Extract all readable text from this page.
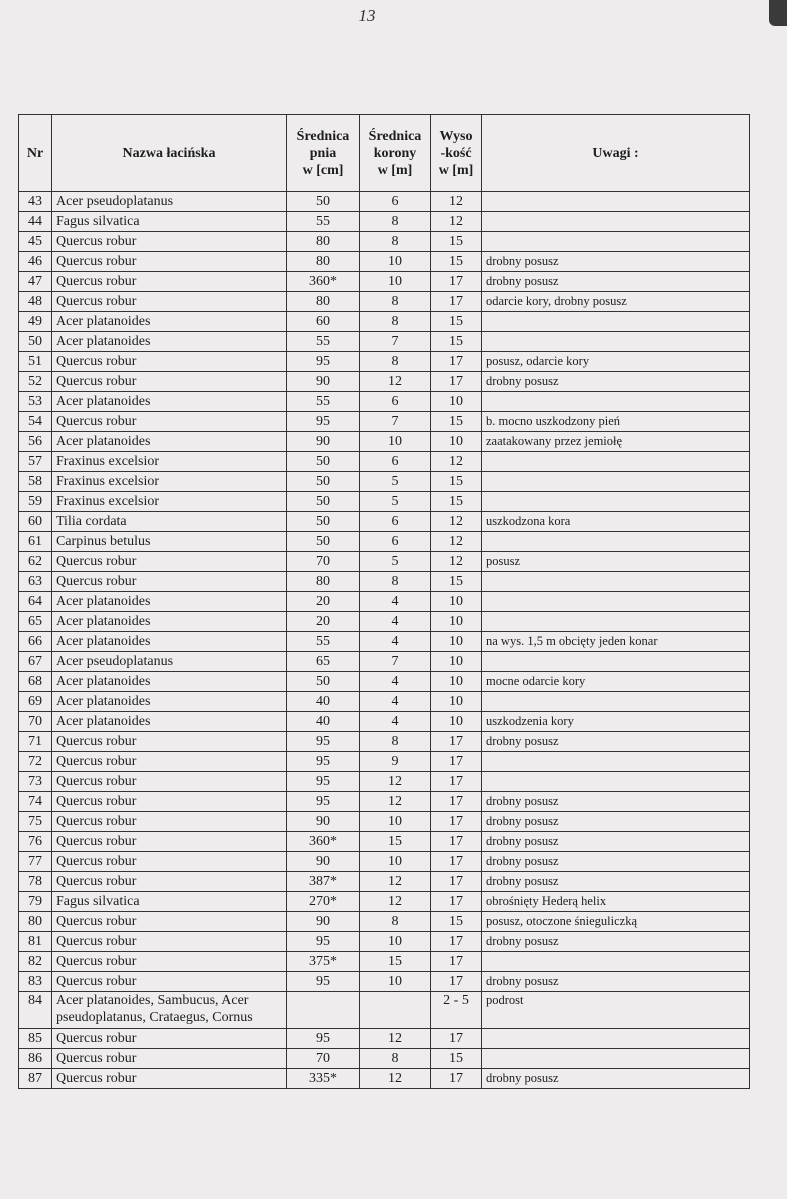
13
Nr	Nazwa łacińska	Średnica
pnia
w [cm]	Średnica
korony
w [m]	Wyso
-kość
w [m]	Uwagi :
43	Acer pseudoplatanus	50	6	12	
44	Fagus silvatica	55	8	12	
45	Quercus robur	80	8	15	
46	Quercus robur	80	10	15	drobny posusz
47	Quercus robur	360*	10	17	drobny posusz
48	Quercus robur	80	8	17	odarcie kory, drobny posusz
49	Acer platanoides	60	8	15	
50	Acer platanoides	55	7	15	
51	Quercus robur	95	8	17	posusz, odarcie kory
52	Quercus robur	90	12	17	drobny posusz
53	Acer platanoides	55	6	10	
54	Quercus robur	95	7	15	b. mocno uszkodzony pień
56	Acer platanoides	90	10	10	zaatakowany przez jemiołę
57	Fraxinus excelsior	50	6	12	
58	Fraxinus excelsior	50	5	15	
59	Fraxinus excelsior	50	5	15	
60	Tilia cordata	50	6	12	uszkodzona kora
61	Carpinus betulus	50	6	12	
62	Quercus robur	70	5	12	posusz
63	Quercus robur	80	8	15	
64	Acer platanoides	20	4	10	
65	Acer platanoides	20	4	10	
66	Acer platanoides	55	4	10	na wys. 1,5 m obcięty jeden konar
67	Acer pseudoplatanus	65	7	10	
68	Acer platanoides	50	4	10	mocne odarcie kory
69	Acer platanoides	40	4	10	
70	Acer platanoides	40	4	10	uszkodzenia kory
71	Quercus robur	95	8	17	drobny posusz
72	Quercus robur	95	9	17	
73	Quercus robur	95	12	17	
74	Quercus robur	95	12	17	drobny posusz
75	Quercus robur	90	10	17	drobny posusz
76	Quercus robur	360*	15	17	drobny posusz
77	Quercus robur	90	10	17	drobny posusz
78	Quercus robur	387*	12	17	drobny posusz
79	Fagus silvatica	270*	12	17	obrośnięty Hederą helix
80	Quercus robur	90	8	15	posusz, otoczone śnieguliczką
81	Quercus robur	95	10	17	drobny posusz
82	Quercus robur	375*	15	17	
83	Quercus robur	95	10	17	drobny posusz
84	Acer platanoides, Sambucus, Acer pseudoplatanus, Crataegus, Cornus			2 - 5	podrost
85	Quercus robur	95	12	17	
86	Quercus robur	70	8	15	
87	Quercus robur	335*	12	17	drobny posusz
